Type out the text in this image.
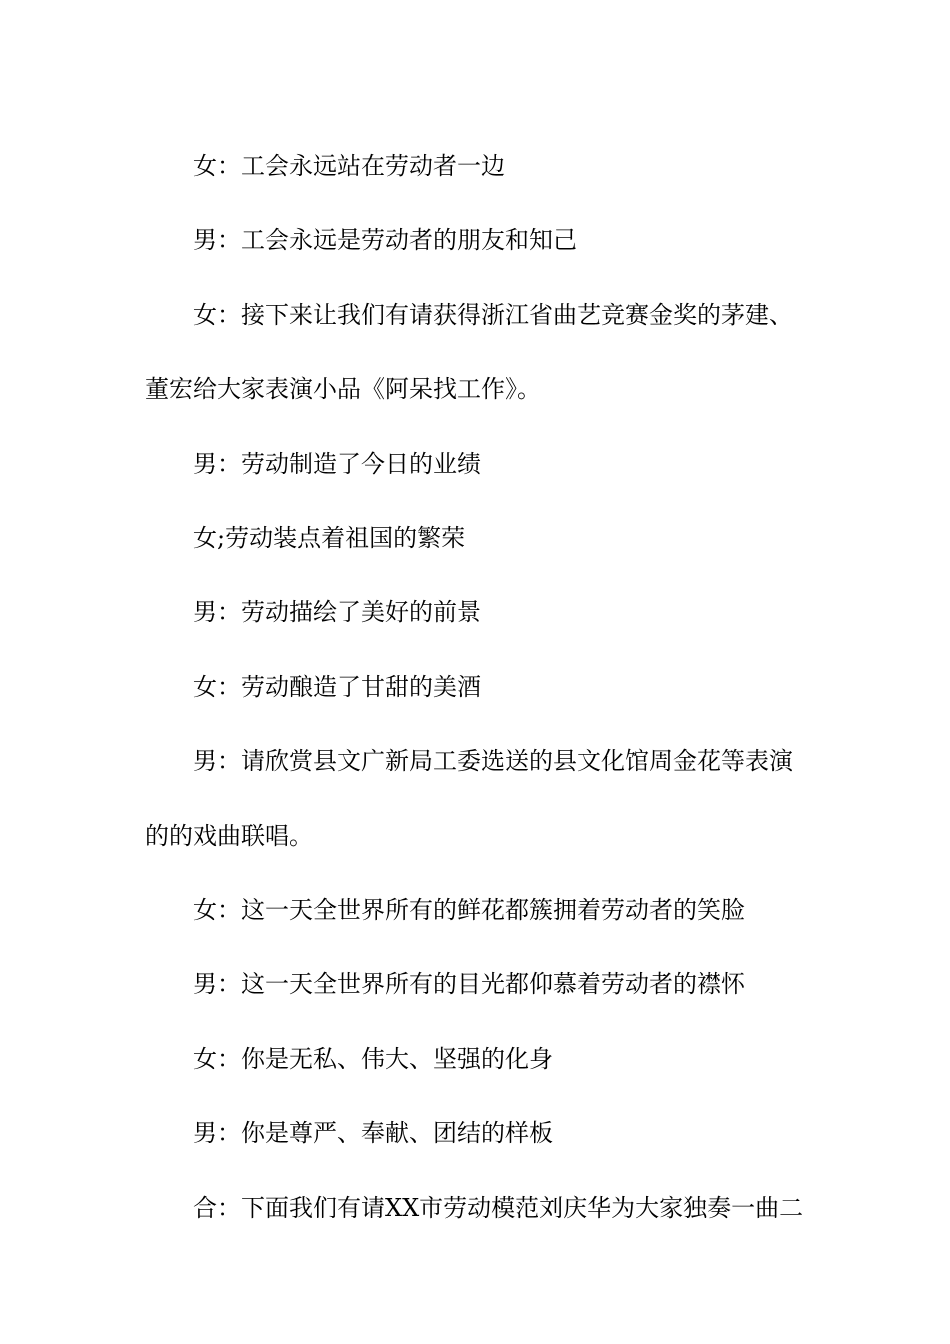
女：工会永远站在劳动者一边

男：工会永远是劳动者的朋友和知己

女：接下来让我们有请获得浙江省曲艺竞赛金奖的茅建、

董宏给大家表演小品《阿呆找工作》。

男：劳动制造了今日的业绩

女;劳动装点着祖国的繁荣

男：劳动描绘了美好的前景

女：劳动酿造了甘甜的美酒

男：请欣赏县文广新局工委选送的县文化馆周金花等表演

的的戏曲联唱。

女：这一天全世界所有的鲜花都簇拥着劳动者的笑脸

男：这一天全世界所有的目光都仰慕着劳动者的襟怀

女：你是无私、伟大、坚强的化身

男：你是尊严、奉献、团结的样板

合：下面我们有请XX市劳动模范刘庆华为大家独奏一曲二
